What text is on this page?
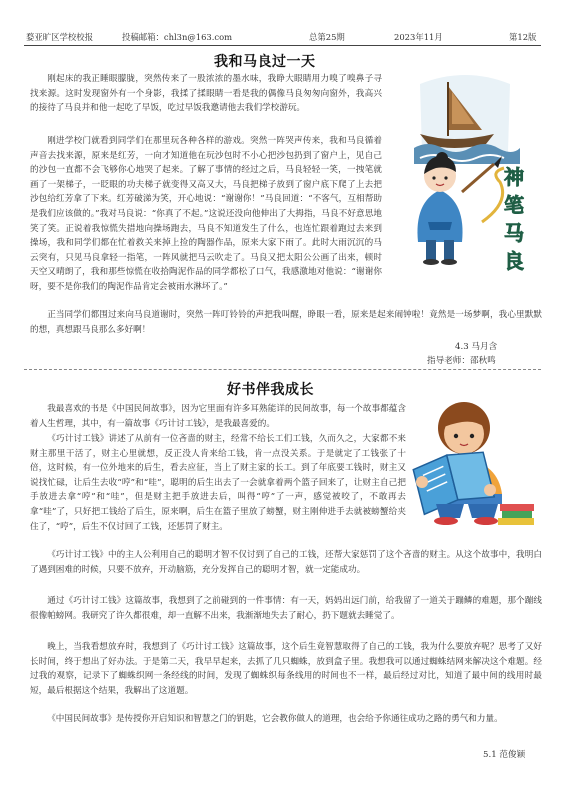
婺亚旷区学校校报	投稿邮箱：chl3n@163.com	总第25期	2023年11月	第12版
我和马良过一天

刚起床的我正睡眼朦胧，突然传来了一股浓浓的墨水味，我睁大眼睛用力嗅了嗅鼻子寻找来源。这时发现窗外有一个身影，我揉了揉眼睛一看是我的偶像马良匆匆向窗外，我高兴的接待了马良并和他一起吃了早饭，吃过早饭我邀请他去我们学校游玩。

刚进学校门就看到同学们在那里玩各种各样的游戏。突然一阵哭声传来，我和马良循着声音去找来源，原来是红芳，一向才知道他在玩沙包时不小心把沙包扔到了窗户上，见自己的沙包一直都不会飞够你心地哭了起来。了解了事情的经过之后，马良轻轻一笑，一拽笔就画了一架梯子，一眨眼的功夫梯子就变得又高又大，马良把梯子放到了窗户底下爬了上去把沙包给红芳拿了下来。红芳破涕为笑，开心地说：“谢谢你！”马良回道：“不客气，互相帮助是我们应该做的。”我对马良说：“你真了不起。”这说还没向他伸出了大拇指，马良不好意思地笑了笑。正说着我惊慌失措地向操场跑去，马良不知道发生了什么，也连忙跟着跑过去来到操场，我和同学们都在忙着救关来掉上捡的陶器作品，原来大家下雨了。此时大雨沉沉的马云突有，只见马良拿轻一指笔，一阵风就把马云吹走了。马良又把太阳公公画了出来，顿时天空又晴朗了，我和那些惊慌在收拾陶泥作品的同学都松了口气，我感激地对他说：“谢谢你呀，要不是你我们的陶泥作品肯定会被雨水淋坏了。”

正当同学们都围过来向马良道谢时，突然一阵叮铃铃的声把我叫醒，睁眼一看，原来是起来闹钟啦！竟然是一场梦啊，我心里默默的想，真想跟马良那么多好啊！

4.3 马月含
指导老师：邵秋鸣
神
笔
马
良
好书伴我成长

我最喜欢的书是《中国民间故事》，因为它里面有许多耳熟能详的民间故事，每一个故事都蕴含着人生哲理，其中，有一篇故事《巧计讨工钱》，是我最喜爱的。

《巧计讨工钱》讲述了从前有一位吝啬的财主，经常不给长工们工钱，久而久之，大家都不来财主那里干活了，财主心里就想，反正没人肯来给工钱，肯一点没关系。于是就定了工钱张了十倍，这时候，有一位外地来的后生，看去应征，当上了财主家的长工。到了年底要工钱时，财主又说找忙碌，让后生去收“哼”和“哇”，聪明的后生出去了一会就拿着两个篮子回来了，让财主自己把手放进去拿“哼”和“哇”，但是财主把手放进去后，叫得“哼”了一声，感觉被咬了，不敢再去拿“哇”了，只好把工钱给了后生，原来啊，后生在篮子里放了螃蟹，财主刚伸进手去就被螃蟹给夹住了，“哼”，后生不仅讨回了工钱，还惩罚了财主。

《巧计讨工钱》中的主人公利用自己的聪明才智不仅讨到了自己的工钱，还帮大家惩罚了这个吝啬的财主。从这个故事中，我明白了遇到困难的时候，只要不放弃，开动脑筋，充分发挥自己的聪明才智，就一定能成功。

通过《巧计讨工钱》这篇故事，我想到了之前碰到的一件事情：有一天，妈妈出远门前，给我留了一道关于蹦鳞的难题，那个蹦线很像帕螃网。我研究了许久都很难，却一直解不出来，我渐渐地失去了耐心，扔下题就去睡觉了。

晚上，当我看想放弃时，我想到了《巧计讨工钱》这篇故事，这个后生竟智慧取得了自己的工钱，我为什么要放弃呢？思考了又好长时间，终于想出了好办法。于是第二天，我早早起来，去抓了几只蜘蛛，放到盒子里。我想我可以通过蜘蛛结网来解决这个难题。经过我的观察，记录下了蜘蛛织网一条经线的时间，发现了蜘蛛织每条线用的时间也不一样，最后经过对比，知道了最中间的线用时最短，最后根据这个结果，我解出了这道题。

《中国民间故事》是传授你开启知识和智慧之门的钥匙，它会教你做人的道理，也会给予你通往成功之路的勇气和力量。

5.1 范俊颖
